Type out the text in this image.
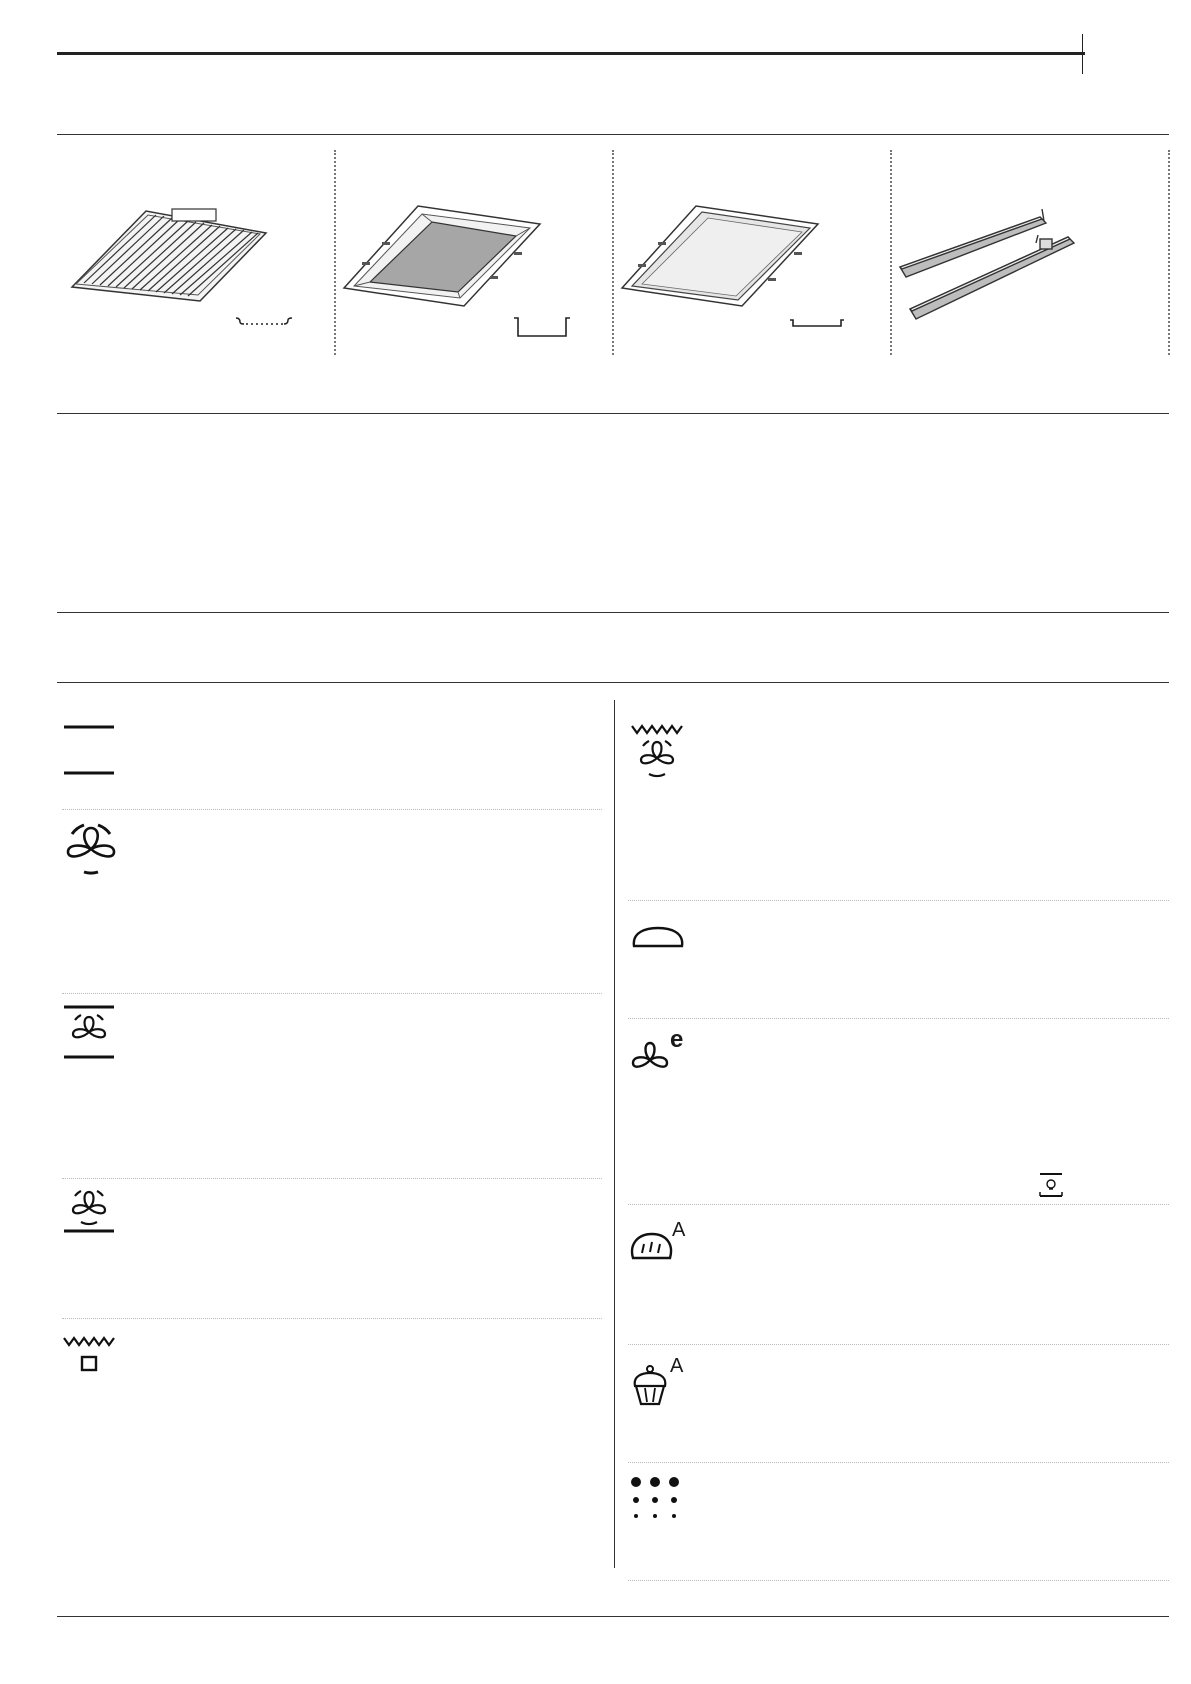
e
A
A
